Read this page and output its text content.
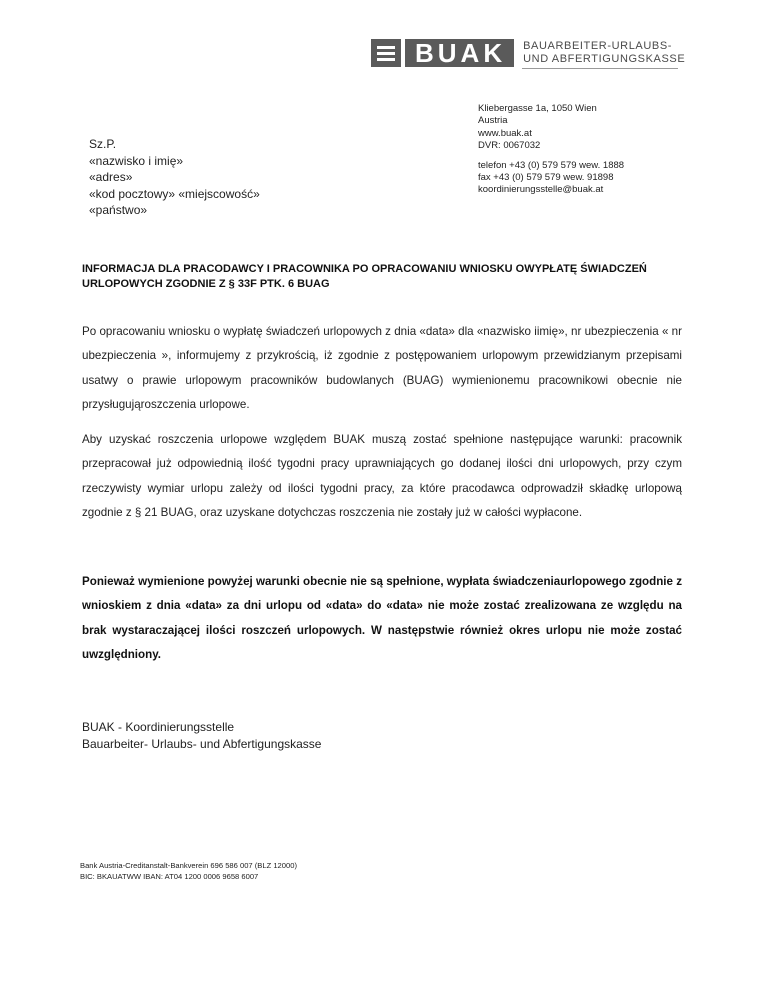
BUAK	BAUARBEITER-URLAUBS-
UND ABFERTIGUNGSKASSE
Kliebergasse 1a, 1050 Wien
Austria
www.buak.at
DVR: 0067032
telefon +43 (0) 579 579 wew. 1888
fax +43 (0) 579 579 wew. 91898
koordinierungsstelle@buak.at
Sz.P.
«nazwisko i imię»
«adres»
«kod pocztowy» «miejscowość»
«państwo»
INFORMACJA DLA PRACODAWCY I PRACOWNIKA PO OPRACOWANIU WNIOSKU OWYPŁATĘ ŚWIADCZEŃ URLOPOWYCH ZGODNIE Z § 33F PTK. 6 BUAG
Po opracowaniu wniosku o wypłatę świadczeń urlopowych z dnia «data» dla «nazwisko iimię», nr ubezpieczenia « nr ubezpieczenia », informujemy z przykrością, iż zgodnie z postępowaniem urlopowym przewidzianym przepisami usatwy o prawie urlopowym pracowników budowlanych (BUAG) wymienionemu pracownikowi obecnie nie przysługująroszczenia urlopowe.
Aby uzyskać roszczenia urlopowe względem BUAK muszą zostać spełnione następujące warunki: pracownik przepracował już odpowiednią ilość tygodni pracy uprawniających go dodanej ilości dni urlopowych, przy czym rzeczywisty wymiar urlopu zależy od ilości tygodni pracy, za które pracodawca odprowadził składkę urlopową zgodnie z § 21 BUAG, oraz uzyskane dotychczas roszczenia nie zostały już w całości wypłacone.
Ponieważ wymienione powyżej warunki obecnie nie są spełnione, wypłata świadczeniaurlopowego zgodnie z wnioskiem z dnia «data» za dni urlopu od «data» do «data» nie może zostać zrealizowana ze względu na brak wystaraczającej ilości roszczeń urlopowych. W następstwie również okres urlopu nie może zostać uwzględniony.
BUAK - Koordinierungsstelle
Bauarbeiter- Urlaubs- und Abfertigungskasse
Bank Austria-Creditanstalt-Bankverein 696 586 007 (BLZ 12000)
BIC: BKAUATWW IBAN: AT04 1200 0006 9658 6007
